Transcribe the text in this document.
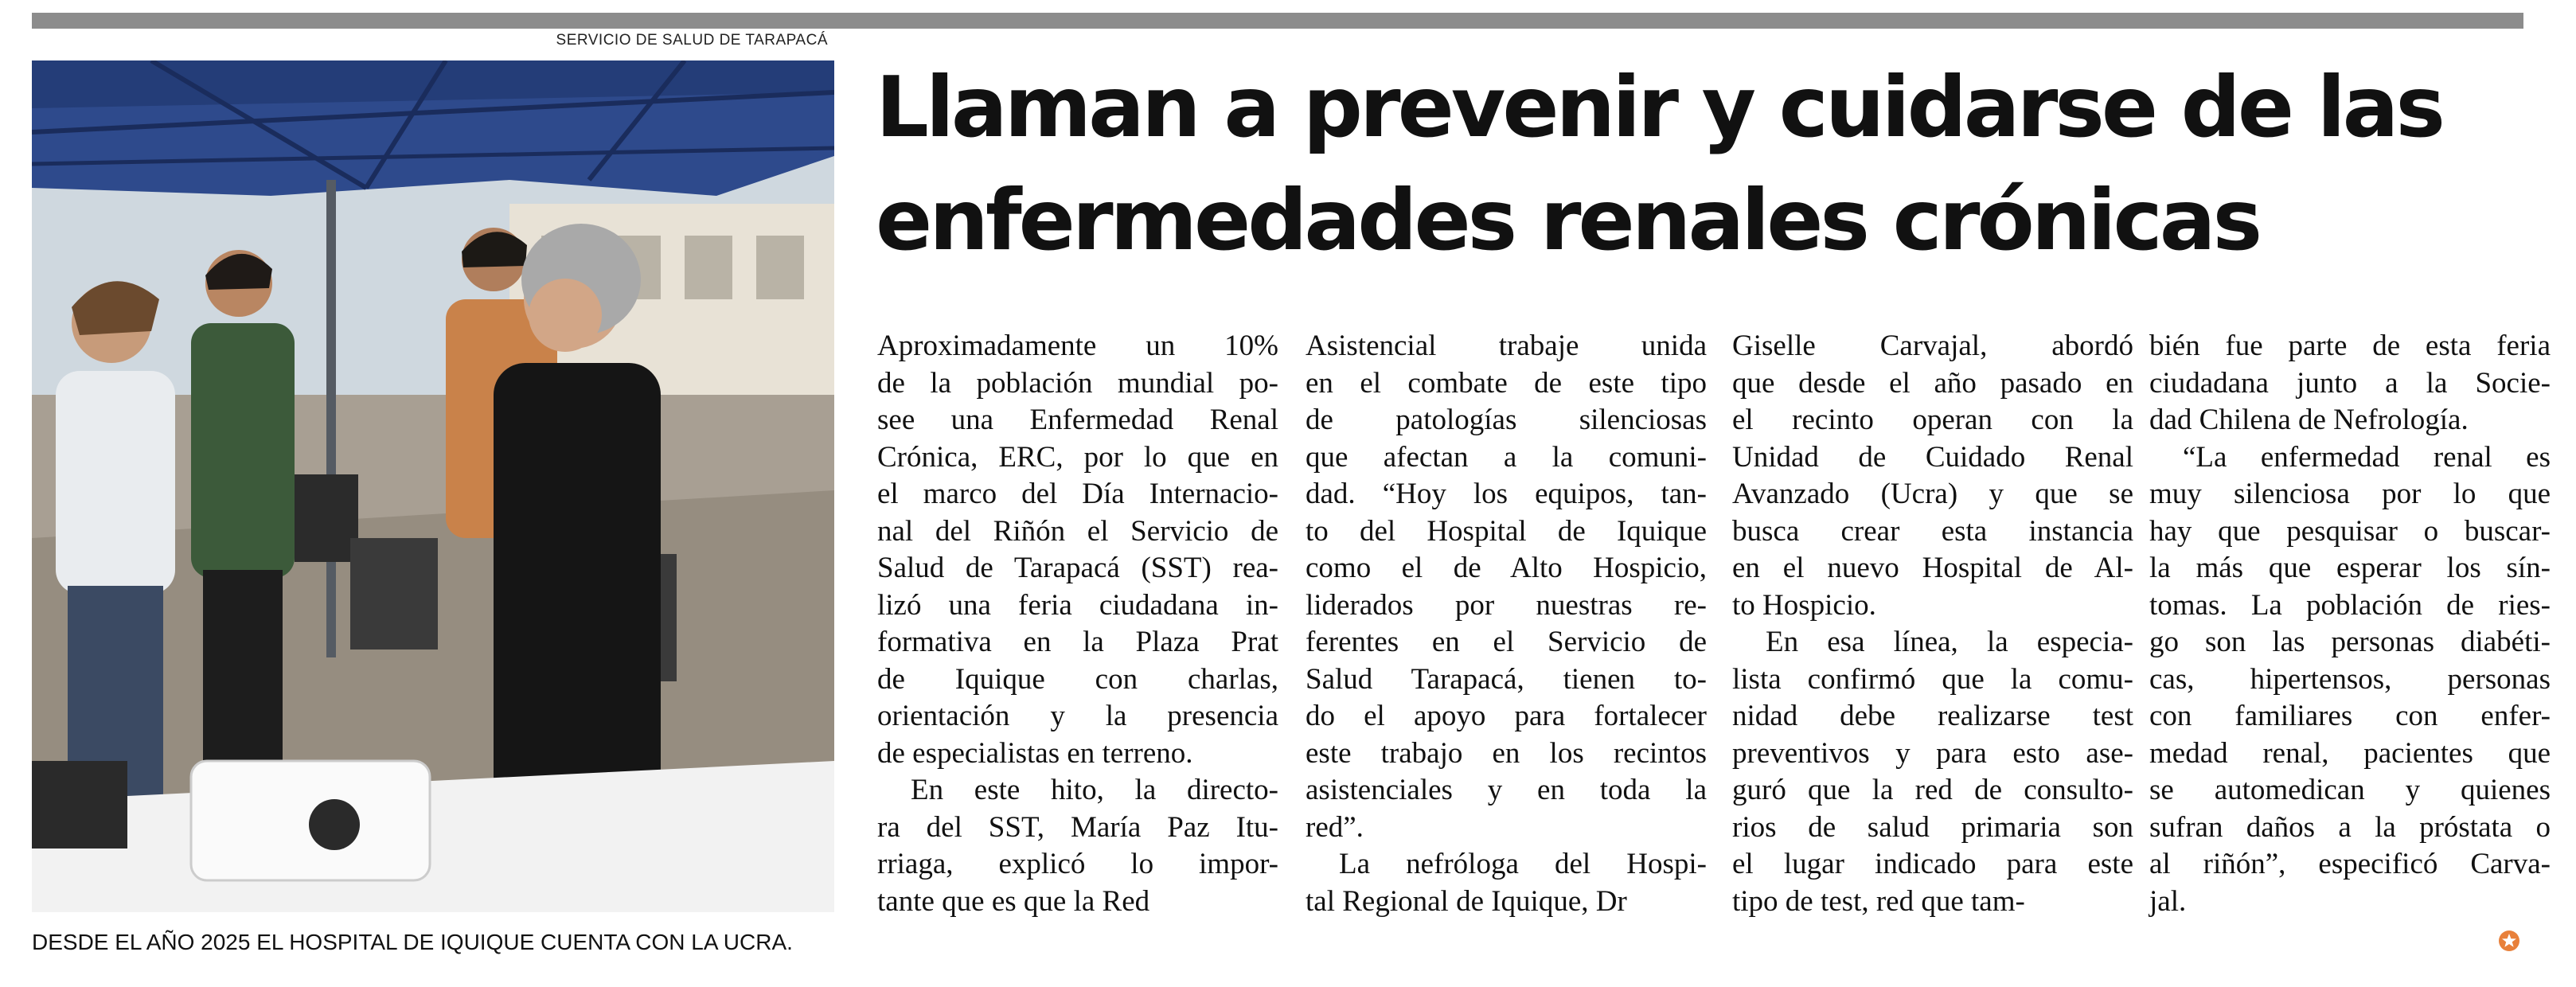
SERVICIO DE SALUD DE TARAPACÁ
DESDE EL AÑO 2025 EL HOSPITAL DE IQUIQUE CUENTA CON LA UCRA.
Llaman a prevenir y cuidarse de las
enfermedades renales crónicas
Aproximadamente un 10%
de la población mundial po-
see una Enfermedad Renal
Crónica, ERC, por lo que en
el marco del Día Internacio-
nal del Riñón el Servicio de
Salud de Tarapacá (SST) rea-
lizó una feria ciudadana in-
formativa en la Plaza Prat
de Iquique con charlas,
orientación y la presencia
de especialistas en terreno.
En este hito, la directo-
ra del SST, María Paz Itu-
rriaga, explicó lo impor-
tante que es que la Red
Asistencial trabaje unida
en el combate de este tipo
de patologías silenciosas
que afectan a la comuni-
dad. “Hoy los equipos, tan-
to del Hospital de Iquique
como el de Alto Hospicio,
liderados por nuestras re-
ferentes en el Servicio de
Salud Tarapacá, tienen to-
do el apoyo para fortalecer
este trabajo en los recintos
asistenciales y en toda la
red”.
La nefróloga del Hospi-
tal Regional de Iquique, Dr
Giselle Carvajal, abordó
que desde el año pasado en
el recinto operan con la
Unidad de Cuidado Renal
Avanzado (Ucra) y que se
busca crear esta instancia
en el nuevo Hospital de Al-
to Hospicio.
En esa línea, la especia-
lista confirmó que la comu-
nidad debe realizarse test
preventivos y para esto ase-
guró que la red de consulto-
rios de salud primaria son
el lugar indicado para este
tipo de test, red que tam-
bién fue parte de esta feria
ciudadana junto a la Socie-
dad Chilena de Nefrología.
“La enfermedad renal es
muy silenciosa por lo que
hay que pesquisar o buscar-
la más que esperar los sín-
tomas. La población de ries-
go son las personas diabéti-
cas, hipertensos, personas
con familiares con enfer-
medad renal, pacientes que
se automedican y quienes
sufran daños a la próstata o
al riñón”, especificó Carva-
jal.
